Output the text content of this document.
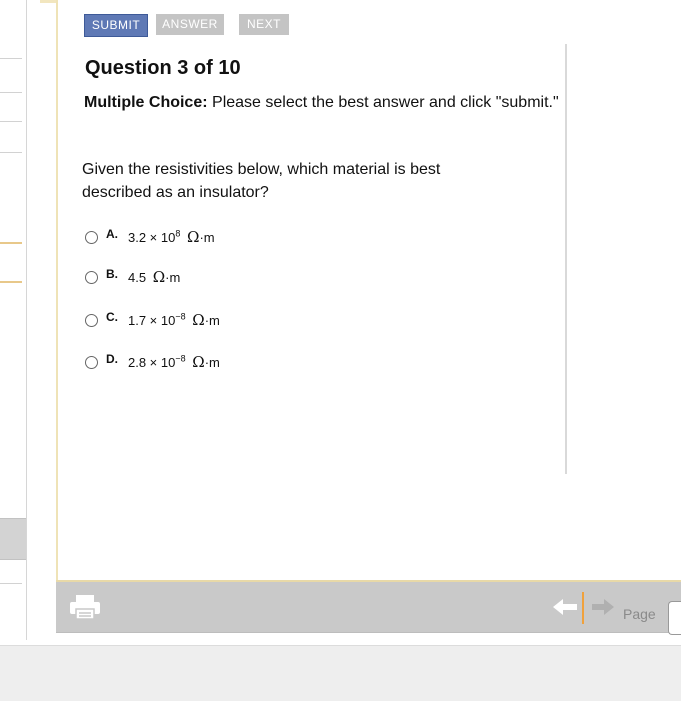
SUBMIT	ANSWER	NEXT
Question 3 of 10
Multiple Choice: Please select the best answer and click "submit."
Given the resistivities below, which material is best described as an insulator?
A. $3.2 \times 10^8$ Ω·m
B. 4.5 Ω·m
C. $1.7 \times 10^{-8}$ Ω·m
D. $2.8 \times 10^{-8}$ Ω·m
Page
